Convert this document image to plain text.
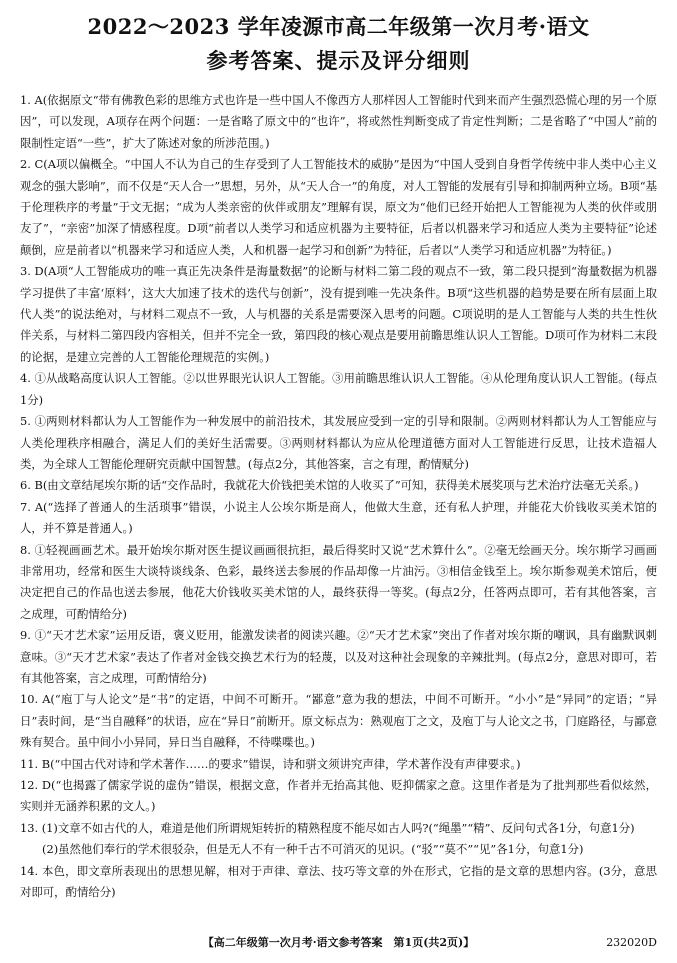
2022～2023 学年凌源市高二年级第一次月考·语文
参考答案、提示及评分细则

1. A(依据原文“带有佛教色彩的思维方式也许是一些中国人不像西方人那样因人工智能时代到来而产生强烈恐慌心理的另一个原因”，可以发现，A项存在两个问题：一是省略了原文中的“也许”，将或然性判断变成了肯定性判断；二是省略了“中国人”前的限制性定语“一些”，扩大了陈述对象的所涉范围。)

2. C(A项以偏概全。“中国人不认为自己的生存受到了人工智能技术的威胁”是因为“中国人受到自身哲学传统中非人类中心主义观念的强大影响”，而不仅是“天人合一”思想，另外，从“天人合一”的角度，对人工智能的发展有引导和抑制两种立场。B项“基于伦理秩序的考量”于文无据；“成为人类亲密的伙伴或朋友”理解有误，原文为“他们已经开始把人工智能视为人类的伙伴或朋友了”，“亲密”加深了情感程度。D项“前者以人类学习和适应机器为主要特征，后者以机器来学习和适应人类为主要特征”论述颠倒，应是前者以“机器来学习和适应人类，人和机器一起学习和创新”为特征，后者以“人类学习和适应机器”为特征。)

3. D(A项“人工智能成功的唯一真正先决条件是海量数据”的论断与材料二第二段的观点不一致，第二段只提到“海量数据为机器学习提供了丰富‘原料’，这大大加速了技术的迭代与创新”，没有提到唯一先决条件。B项“这些机器的趋势是要在所有层面上取代人类”的说法绝对，与材料二观点不一致，人与机器的关系是需要深入思考的问题。C项说明的是人工智能与人类的共生性伙伴关系，与材料二第四段内容相关，但并不完全一致，第四段的核心观点是要用前瞻思维认识人工智能。D项可作为材料二末段的论据，是建立完善的人工智能伦理规范的实例。)

4. ①从战略高度认识人工智能。②以世界眼光认识人工智能。③用前瞻思维认识人工智能。④从伦理角度认识人工智能。(每点1分)

5. ①两则材料都认为人工智能作为一种发展中的前沿技术，其发展应受到一定的引导和限制。②两则材料都认为人工智能应与人类伦理秩序相融合，满足人们的美好生活需要。③两则材料都认为应从伦理道德方面对人工智能进行反思，让技术造福人类，为全球人工智能伦理研究贡献中国智慧。(每点2分，其他答案，言之有理，酌情赋分)

6. B(由文章结尾埃尔斯的话“交作品时，我就花大价钱把美术馆的人收买了”可知，获得美术展奖项与艺术治疗法毫无关系。)

7. A(“选择了普通人的生活琐事”错误，小说主人公埃尔斯是商人，他做大生意，还有私人护理，并能花大价钱收买美术馆的人，并不算是普通人。)

8. ①轻视画画艺术。最开始埃尔斯对医生提议画画很抗拒，最后得奖时又说“艺术算什么”。②毫无绘画天分。埃尔斯学习画画非常用功，经常和医生大谈特谈线条、色彩，最终送去参展的作品却像一片油污。③相信金钱至上。埃尔斯参观美术馆后，便决定把自己的作品也送去参展，他花大价钱收买美术馆的人，最终获得一等奖。(每点2分，任答两点即可，若有其他答案，言之成理，可酌情给分)

9. ①“天才艺术家”运用反语，褒义贬用，能激发读者的阅读兴趣。②“天才艺术家”突出了作者对埃尔斯的嘲讽，具有幽默讽刺意味。③“天才艺术家”表达了作者对金钱交换艺术行为的轻蔑，以及对这种社会现象的辛辣批判。(每点2分，意思对即可，若有其他答案，言之成理，可酌情给分)

10. A(“庖丁与人论文”是“书”的定语，中间不可断开。“鄙意”意为我的想法，中间不可断开。“小小”是“异同”的定语；“异日”表时间，是“当自融释”的状语，应在“异日”前断开。原文标点为：熟观庖丁之文，及庖丁与人论文之书，门庭路径，与鄙意殊有契合。虽中间小小异同，异日当自融释，不待喋喋也。)

11. B(“中国古代对诗和学术著作……的要求”错误，诗和骈文须讲究声律，学术著作没有声律要求。)

12. D(“也揭露了儒家学说的虚伪”错误，根据文意，作者并无抬高其他、贬抑儒家之意。这里作者是为了批判那些看似炫然，实则并无涵养积累的文人。)

13. (1)文章不如古代的人，难道是他们所谓规矩转折的精熟程度不能尽如古人吗?(“绳墨”“精”、反问句式各1分，句意1分)

(2)虽然他们奉行的学术很驳杂，但是无人不有一种千古不可消灭的见识。(“驳”“莫不”“见”各1分，句意1分)

14. 本色，即文章所表现出的思想见解，相对于声律、章法、技巧等文章的外在形式，它指的是文章的思想内容。(3分，意思对即可，酌情给分)

【高二年级第一次月考·语文参考答案　第1页(共2页)】	232020D
